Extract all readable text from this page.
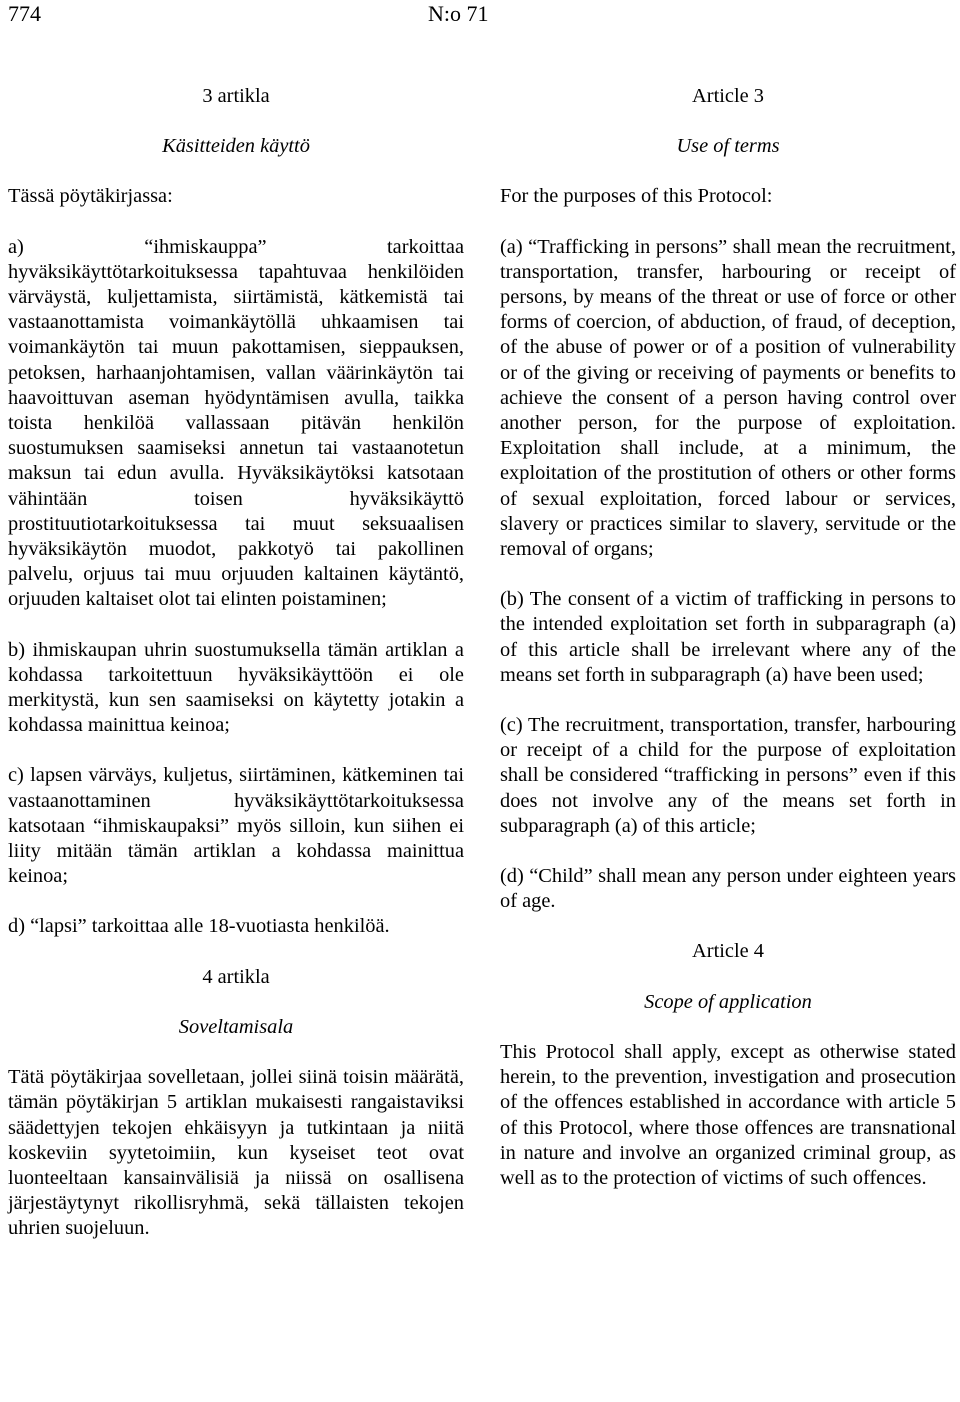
774	N:o 71

3 artikla

Käsitteiden käyttö

Tässä pöytäkirjassa:

a) “ihmiskauppa” tarkoittaa hyväksikäyttötarkoituksessa tapahtuvaa henkilöiden värväystä, kuljettamista, siirtämistä, kätkemistä tai vastaanottamista voimankäytöllä uhkaamisen tai voimankäytön tai muun pakottamisen, sieppauksen, petoksen, harhaanjohtamisen, vallan väärinkäytön tai haavoittuvan aseman hyödyntämisen avulla, taikka toista henkilöä vallassaan pitävän henkilön suostumuksen saamiseksi annetun tai vastaanotetun maksun tai edun avulla. Hyväksikäytöksi katsotaan vähintään toisen hyväksikäyttö prostituutiotarkoituksessa tai muut seksuaalisen hyväksikäytön muodot, pakkotyö tai pakollinen palvelu, orjuus tai muu orjuuden kaltainen käytäntö, orjuuden kaltaiset olot tai elinten poistaminen;

b) ihmiskaupan uhrin suostumuksella tämän artiklan a kohdassa tarkoitettuun hyväksikäyttöön ei ole merkitystä, kun sen saamiseksi on käytetty jotakin a kohdassa mainittua keinoa;

c) lapsen värväys, kuljetus, siirtäminen, kätkeminen tai vastaanottaminen hyväksikäyttötarkoituksessa katsotaan “ihmiskaupaksi” myös silloin, kun siihen ei liity mitään tämän artiklan a kohdassa mainittua keinoa;

d) “lapsi” tarkoittaa alle 18-vuotiasta henkilöä.

4 artikla

Soveltamisala

Tätä pöytäkirjaa sovelletaan, jollei siinä toisin määrätä, tämän pöytäkirjan 5 artiklan mukaisesti rangaistaviksi säädettyjen tekojen ehkäisyyn ja tutkintaan ja niitä koskeviin syytetoimiin, kun kyseiset teot ovat luonteeltaan kansainvälisiä ja niissä on osallisena järjestäytynyt rikollisryhmä, sekä tällaisten tekojen uhrien suojeluun.

Article 3

Use of terms

For the purposes of this Protocol:

(a) “Trafficking in persons” shall mean the recruitment, transportation, transfer, harbouring or receipt of persons, by means of the threat or use of force or other forms of coercion, of abduction, of fraud, of deception, of the abuse of power or of a position of vulnerability or of the giving or receiving of payments or benefits to achieve the consent of a person having control over another person, for the purpose of exploitation. Exploitation shall include, at a minimum, the exploitation of the prostitution of others or other forms of sexual exploitation, forced labour or services, slavery or practices similar to slavery, servitude or the removal of organs;

(b) The consent of a victim of trafficking in persons to the intended exploitation set forth in subparagraph (a) of this article shall be irrelevant where any of the means set forth in subparagraph (a) have been used;

(c) The recruitment, transportation, transfer, harbouring or receipt of a child for the purpose of exploitation shall be considered “trafficking in persons” even if this does not involve any of the means set forth in subparagraph (a) of this article;

(d) “Child” shall mean any person under eighteen years of age.

Article 4

Scope of application

This Protocol shall apply, except as otherwise stated herein, to the prevention, investigation and prosecution of the offences established in accordance with article 5 of this Protocol, where those offences are transnational in nature and involve an organized criminal group, as well as to the protection of victims of such offences.
